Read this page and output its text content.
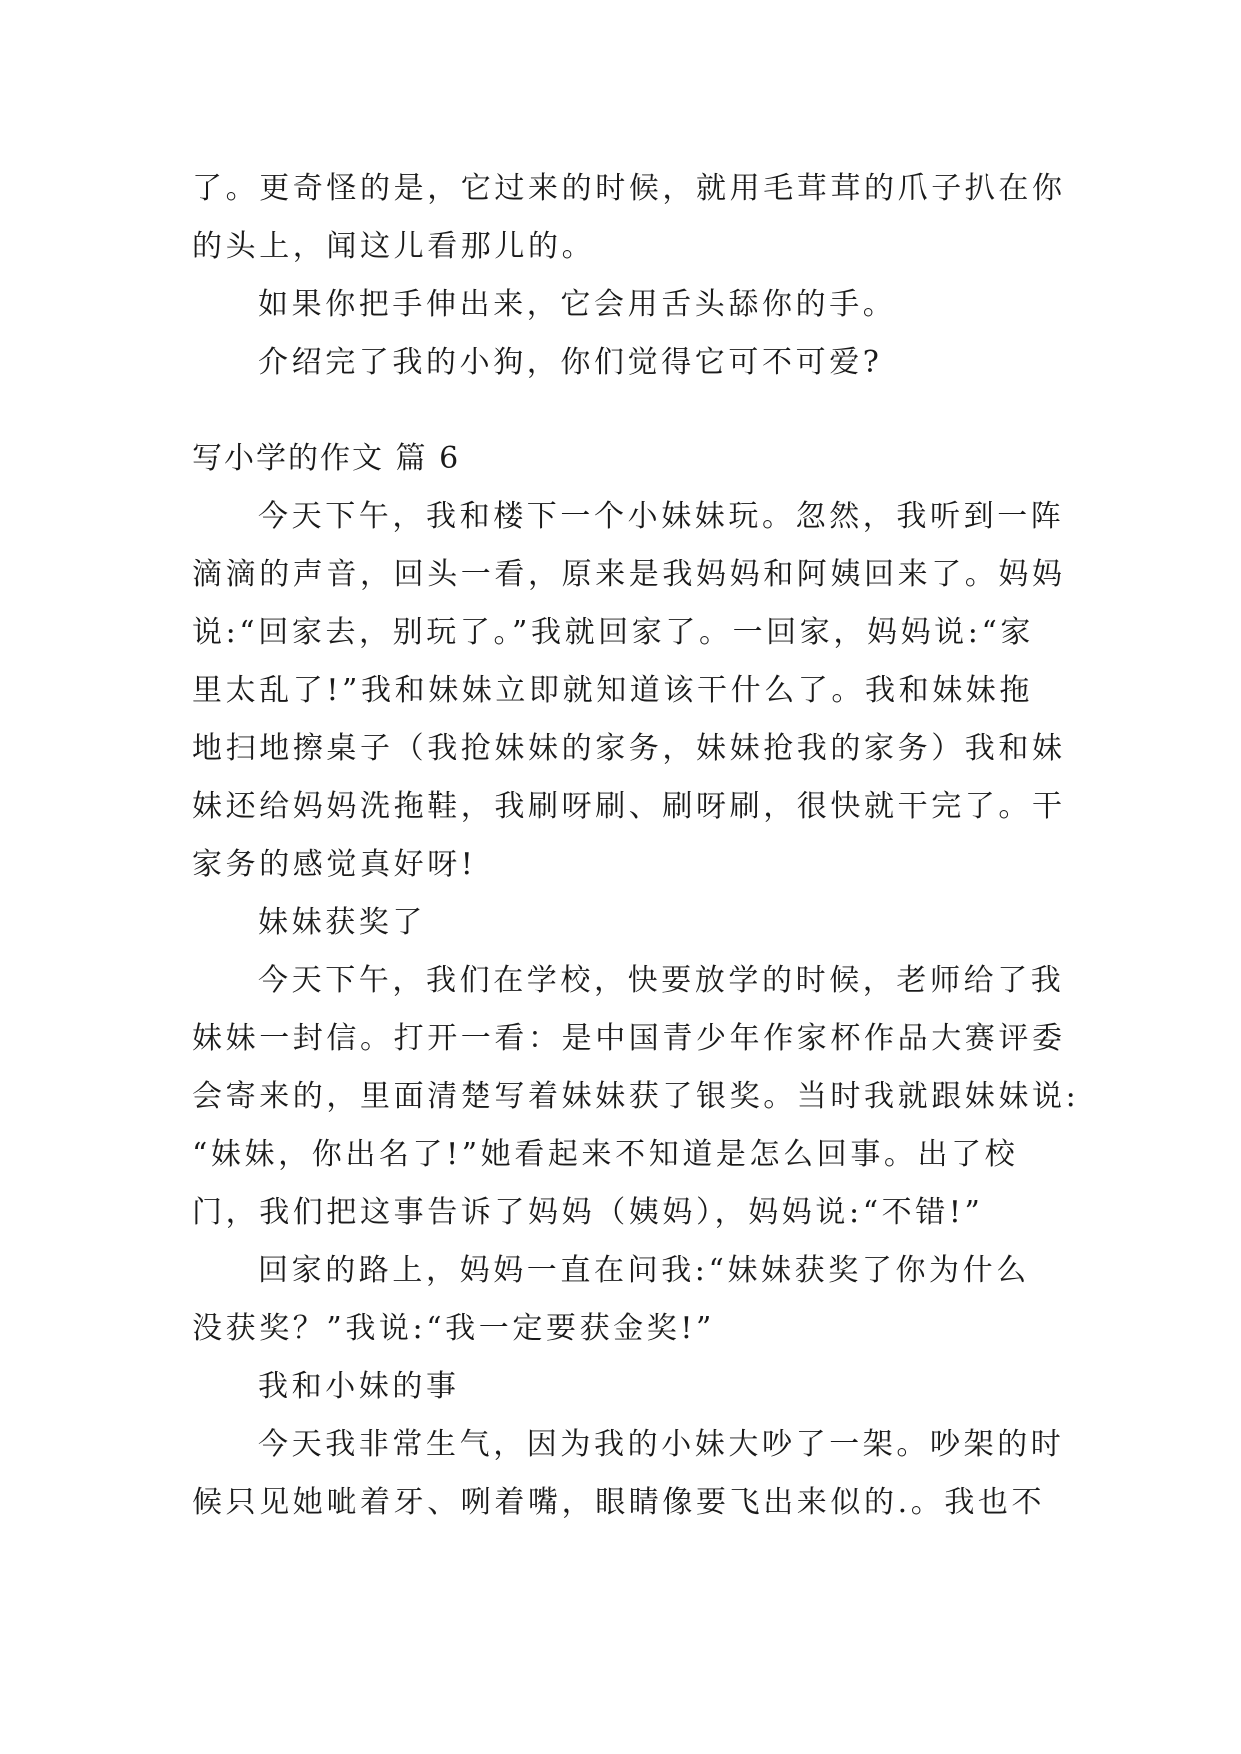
了。更奇怪的是，它过来的时候，就用毛茸茸的爪子扒在你
的头上，闻这儿看那儿的。
如果你把手伸出来，它会用舌头舔你的手。
介绍完了我的小狗，你们觉得它可不可爱?
写小学的作文 篇 6
今天下午，我和楼下一个小妹妹玩。忽然，我听到一阵
滴滴的声音，回头一看，原来是我妈妈和阿姨回来了。妈妈
说:“回家去，别玩了。”我就回家了。一回家，妈妈说:“家
里太乱了!”我和妹妹立即就知道该干什么了。我和妹妹拖
地扫地擦桌子（我抢妹妹的家务，妹妹抢我的家务）我和妹
妹还给妈妈洗拖鞋，我刷呀刷、刷呀刷，很快就干完了。干
家务的感觉真好呀!
妹妹获奖了
今天下午，我们在学校，快要放学的时候，老师给了我
妹妹一封信。打开一看：是中国青少年作家杯作品大赛评委
会寄来的，里面清楚写着妹妹获了银奖。当时我就跟妹妹说:
“妹妹，你出名了!”她看起来不知道是怎么回事。出了校
门，我们把这事告诉了妈妈（姨妈），妈妈说:“不错!”
回家的路上，妈妈一直在问我:“妹妹获奖了你为什么
没获奖？”我说:“我一定要获金奖!”
我和小妹的事
今天我非常生气，因为我的小妹大吵了一架。吵架的时
候只见她呲着牙、咧着嘴，眼睛像要飞出来似的.。我也不
